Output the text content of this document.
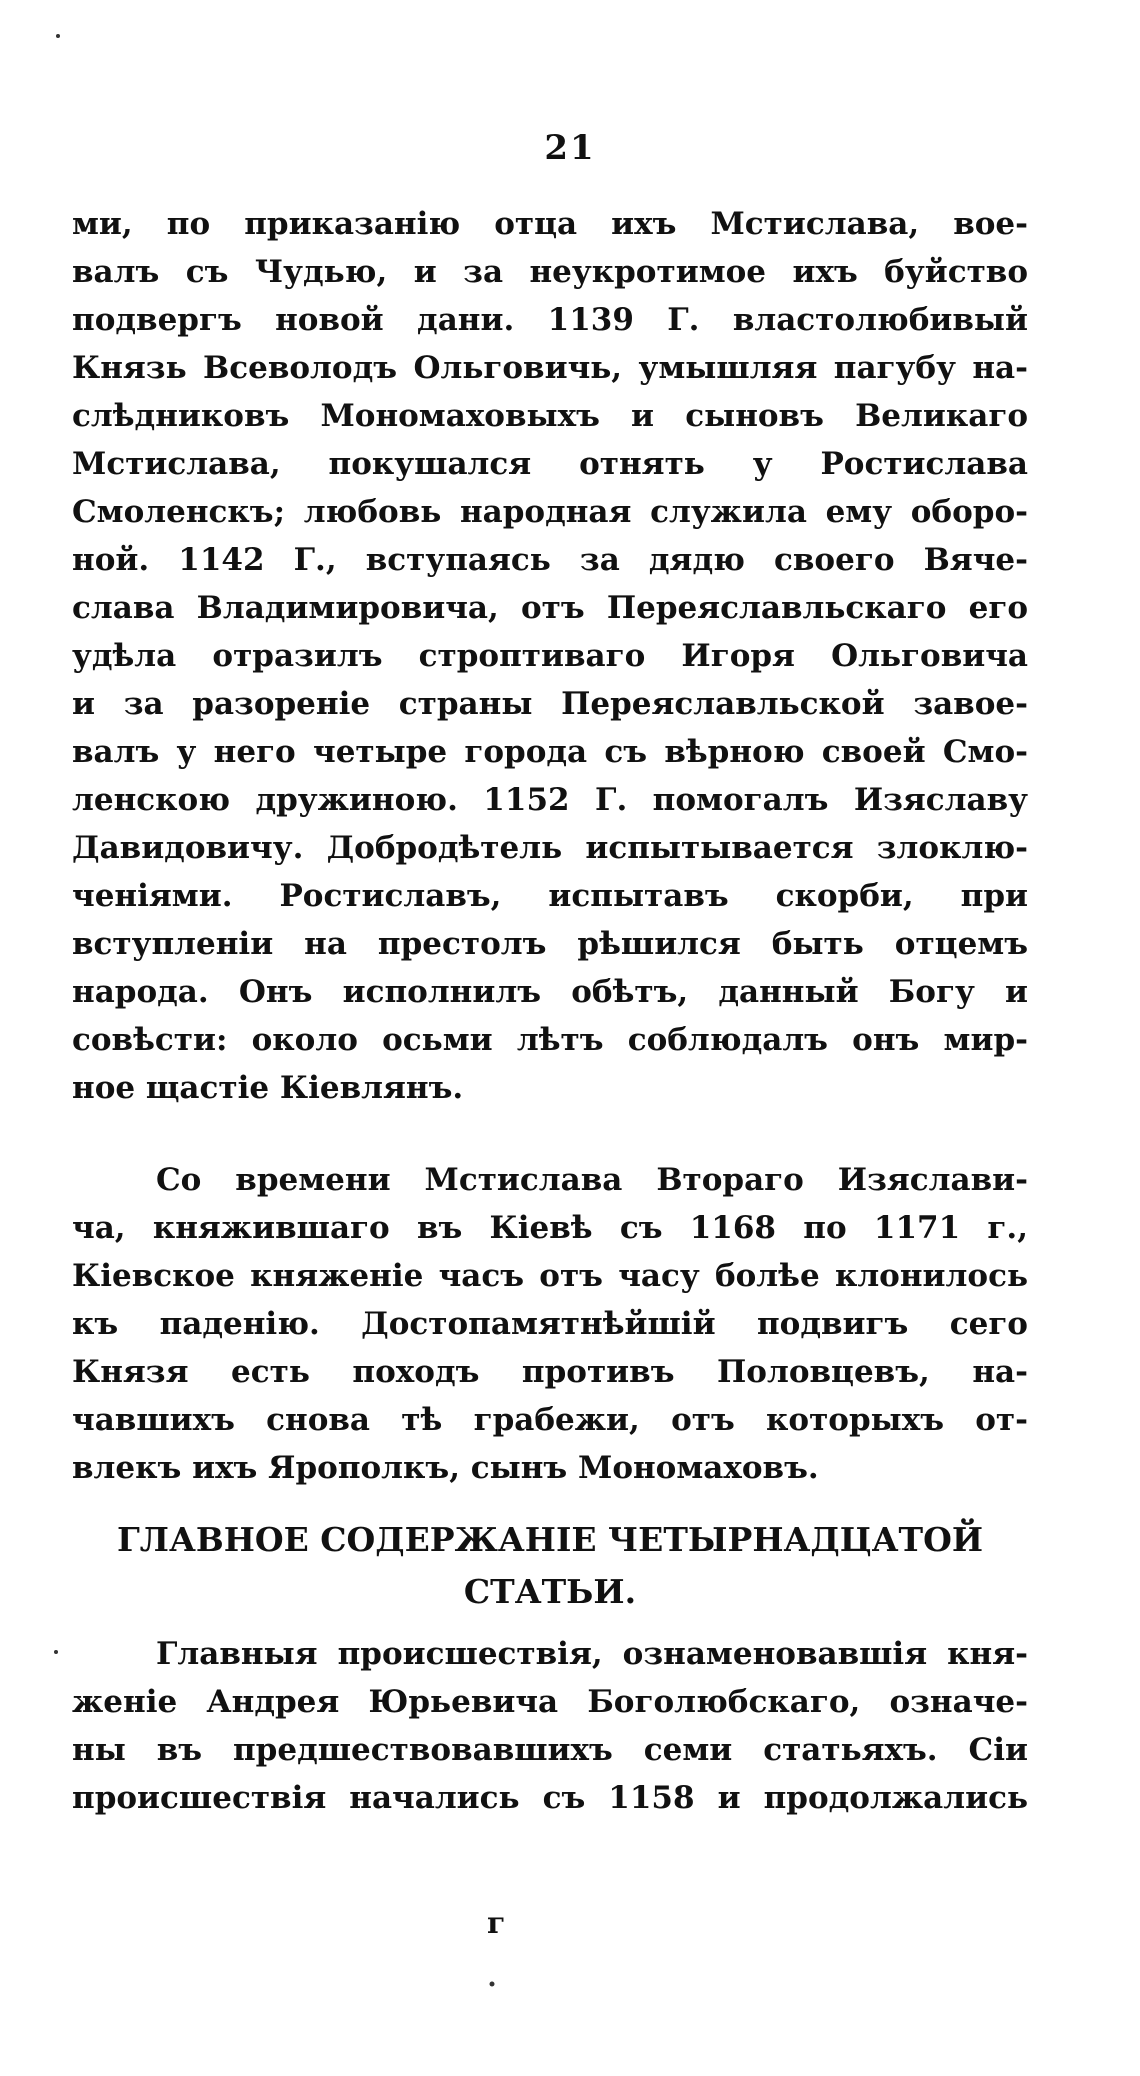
21
ми, по приказанію отца ихъ Мстислава, вое-
валъ съ Чудью, и за неукротимое ихъ буйство
подвергъ новой дани. 1139 Г. властолюбивый
Князь Всеволодъ Ольговичь, умышляя пагубу на-
слѣдниковъ Мономаховыхъ и сыновъ Великаго
Мстислава, покушался отнять у Ростислава
Смоленскъ; любовь народная служила ему оборо-
ной. 1142 Г., вступаясь за дядю своего Вяче-
слава Владимировича, отъ Переяславльскаго его
удѣла отразилъ строптиваго Игоря Ольговича
и за разореніе страны Переяславльской завое-
валъ у него четыре города съ вѣрною своей Смо-
ленскою дружиною. 1152 Г. помогалъ Изяславу
Давидовичу. Добродѣтель испытывается злоклю-
ченіями. Ростиславъ, испытавъ скорби, при
вступленіи на престолъ рѣшился быть отцемъ
народа. Онъ исполнилъ обѣтъ, данный Богу и
совѣсти: около осьми лѣтъ соблюдалъ онъ мир-
ное щастіе Кіевлянъ.
Со времени Мстислава Втораго Изяслави-
ча, княжившаго въ Кіевѣ съ 1168 по 1171 г.,
Кіевское княженіе часъ отъ часу болѣе клонилось
къ паденію. Достопамятнѣйшій подвигъ сего
Князя есть походъ противъ Половцевъ, на-
чавшихъ снова тѣ грабежи, отъ которыхъ от-
влекъ ихъ Ярополкъ, сынъ Мономаховъ.
ГЛАВНОЕ СОДЕРЖАНІЕ ЧЕТЫРНАДЦАТОЙ
СТАТЬИ.
Главныя происшествія, ознаменовавшія кня-
женіе Андрея Юрьевича Боголюбскаго, означе-
ны въ предшествовавшихъ семи статьяхъ. Сіи
происшествія начались съ 1158 и продолжались
г
